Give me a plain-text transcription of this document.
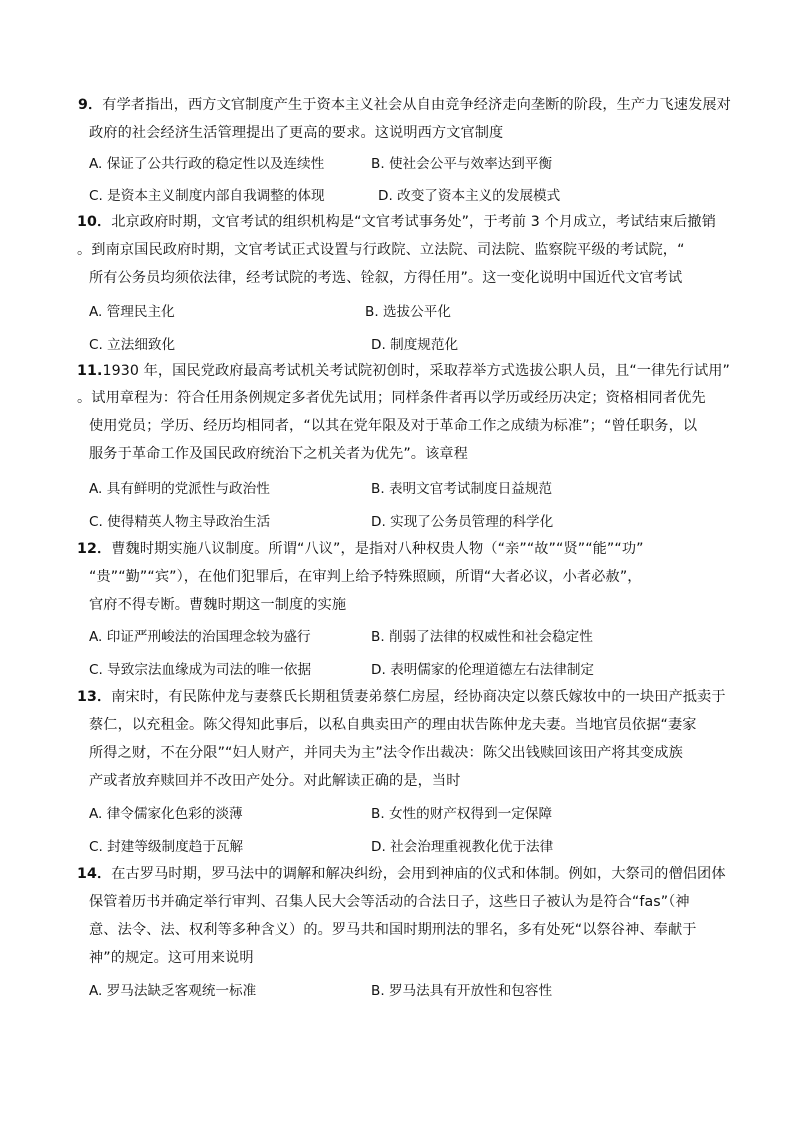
9．有学者指出，西方文官制度产生于资本主义社会从自由竞争经济走向垄断的阶段，生产力飞速发展对
政府的社会经济生活管理提出了更高的要求。这说明西方文官制度
A. 保证了公共行政的稳定性以及连续性	B. 使社会公平与效率达到平衡
C. 是资本主义制度内部自我调整的体现	D. 改变了资本主义的发展模式
10．北京政府时期，文官考试的组织机构是“文官考试事务处”，于考前 3 个月成立，考试结束后撤销
。到南京国民政府时期，文官考试正式设置与行政院、立法院、司法院、监察院平级的考试院，“
所有公务员均须依法律，经考试院的考选、铨叙，方得任用”。这一变化说明中国近代文官考试
A. 管理民主化	B. 选拔公平化
C. 立法细致化	D. 制度规范化
11.1930 年，国民党政府最高考试机关考试院初创时，采取荐举方式选拔公职人员，且“一律先行试用”
。试用章程为：符合任用条例规定多者优先试用；同样条件者再以学历或经历决定；资格相同者优先
使用党员；学历、经历均相同者，“以其在党年限及对于革命工作之成绩为标准”；“曾任职务，以
服务于革命工作及国民政府统治下之机关者为优先”。该章程
A. 具有鲜明的党派性与政治性	B. 表明文官考试制度日益规范
C. 使得精英人物主导政治生活	D. 实现了公务员管理的科学化
12．曹魏时期实施八议制度。所谓“八议”，是指对八种权贵人物（“亲”“故”“贤”“能”“功”
“贵”“勤”“宾”），在他们犯罪后，在审判上给予特殊照顾，所谓“大者必议，小者必赦”，
官府不得专断。曹魏时期这一制度的实施
A. 印证严刑峻法的治国理念较为盛行	B. 削弱了法律的权威性和社会稳定性
C. 导致宗法血缘成为司法的唯一依据	D. 表明儒家的伦理道德左右法律制定
13．南宋时，有民陈仲龙与妻蔡氏长期租赁妻弟蔡仁房屋，经协商决定以蔡氏嫁妆中的一块田产抵卖于
蔡仁，以充租金。陈父得知此事后，以私自典卖田产的理由状告陈仲龙夫妻。当地官员依据“妻家
所得之财，不在分限”“妇人财产，并同夫为主”法令作出裁决：陈父出钱赎回该田产将其变成族
产或者放弃赎回并不改田产处分。对此解读正确的是，当时
A. 律令儒家化色彩的淡薄	B. 女性的财产权得到一定保障
C. 封建等级制度趋于瓦解	D. 社会治理重视教化优于法律
14．在古罗马时期，罗马法中的调解和解决纠纷，会用到神庙的仪式和体制。例如，大祭司的僧侣团体
保管着历书并确定举行审判、召集人民大会等活动的合法日子，这些日子被认为是符合“fas”（神
意、法令、法、权利等多种含义）的。罗马共和国时期刑法的罪名，多有处死“以祭谷神、奉献于
神”的规定。这可用来说明
A. 罗马法缺乏客观统一标准	B. 罗马法具有开放性和包容性
